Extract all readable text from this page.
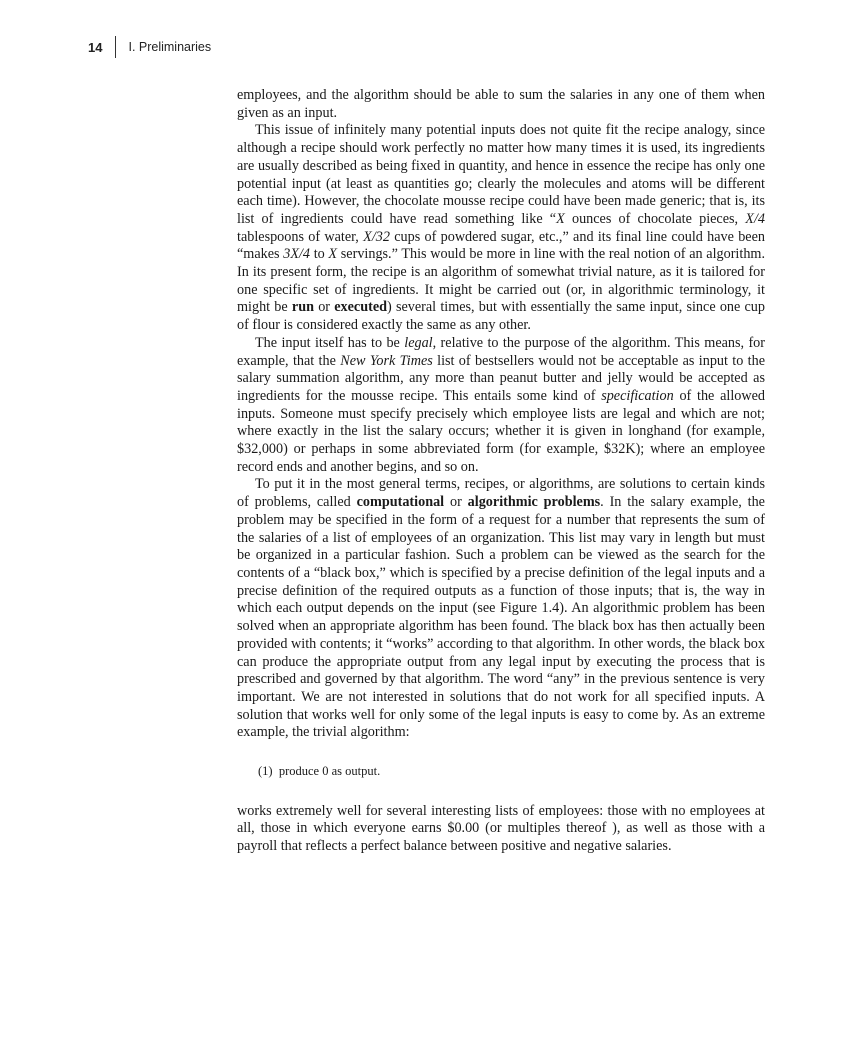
14 I. Preliminaries

employees, and the algorithm should be able to sum the salaries in any one of them when given as an input.

This issue of infinitely many potential inputs does not quite fit the recipe analogy, since although a recipe should work perfectly no matter how many times it is used, its ingredients are usually described as being fixed in quantity, and hence in essence the recipe has only one potential input (at least as quantities go; clearly the molecules and atoms will be different each time). However, the chocolate mousse recipe could have been made generic; that is, its list of ingredients could have read something like “X ounces of chocolate pieces, X/4 tablespoons of water, X/32 cups of powdered sugar, etc.,” and its final line could have been “makes 3X/4 to X servings.” This would be more in line with the real notion of an algorithm. In its present form, the recipe is an algorithm of somewhat trivial nature, as it is tailored for one specific set of ingredients. It might be carried out (or, in algorithmic terminology, it might be run or executed) several times, but with essentially the same input, since one cup of flour is considered exactly the same as any other.

The input itself has to be legal, relative to the purpose of the algorithm. This means, for example, that the New York Times list of bestsellers would not be acceptable as input to the salary summation algorithm, any more than peanut butter and jelly would be accepted as ingredients for the mousse recipe. This entails some kind of specification of the allowed inputs. Someone must specify precisely which employee lists are legal and which are not; where exactly in the list the salary occurs; whether it is given in longhand (for example, $32,000) or perhaps in some abbreviated form (for example, $32K); where an employee record ends and another begins, and so on.

To put it in the most general terms, recipes, or algorithms, are solutions to certain kinds of problems, called computational or algorithmic problems. In the salary example, the problem may be specified in the form of a request for a number that represents the sum of the salaries of a list of employees of an organization. This list may vary in length but must be organized in a particular fashion. Such a problem can be viewed as the search for the contents of a “black box,” which is specified by a precise definition of the legal inputs and a precise definition of the required outputs as a function of those inputs; that is, the way in which each output depends on the input (see Figure 1.4). An algorithmic problem has been solved when an appropriate algorithm has been found. The black box has then actually been provided with contents; it “works” according to that algorithm. In other words, the black box can produce the appropriate output from any legal input by executing the process that is prescribed and governed by that algorithm. The word “any” in the previous sentence is very important. We are not interested in solutions that do not work for all specified inputs. A solution that works well for only some of the legal inputs is easy to come by. As an extreme example, the trivial algorithm:

(1) produce 0 as output.

works extremely well for several interesting lists of employees: those with no employees at all, those in which everyone earns $0.00 (or multiples thereof ), as well as those with a payroll that reflects a perfect balance between positive and negative salaries.
